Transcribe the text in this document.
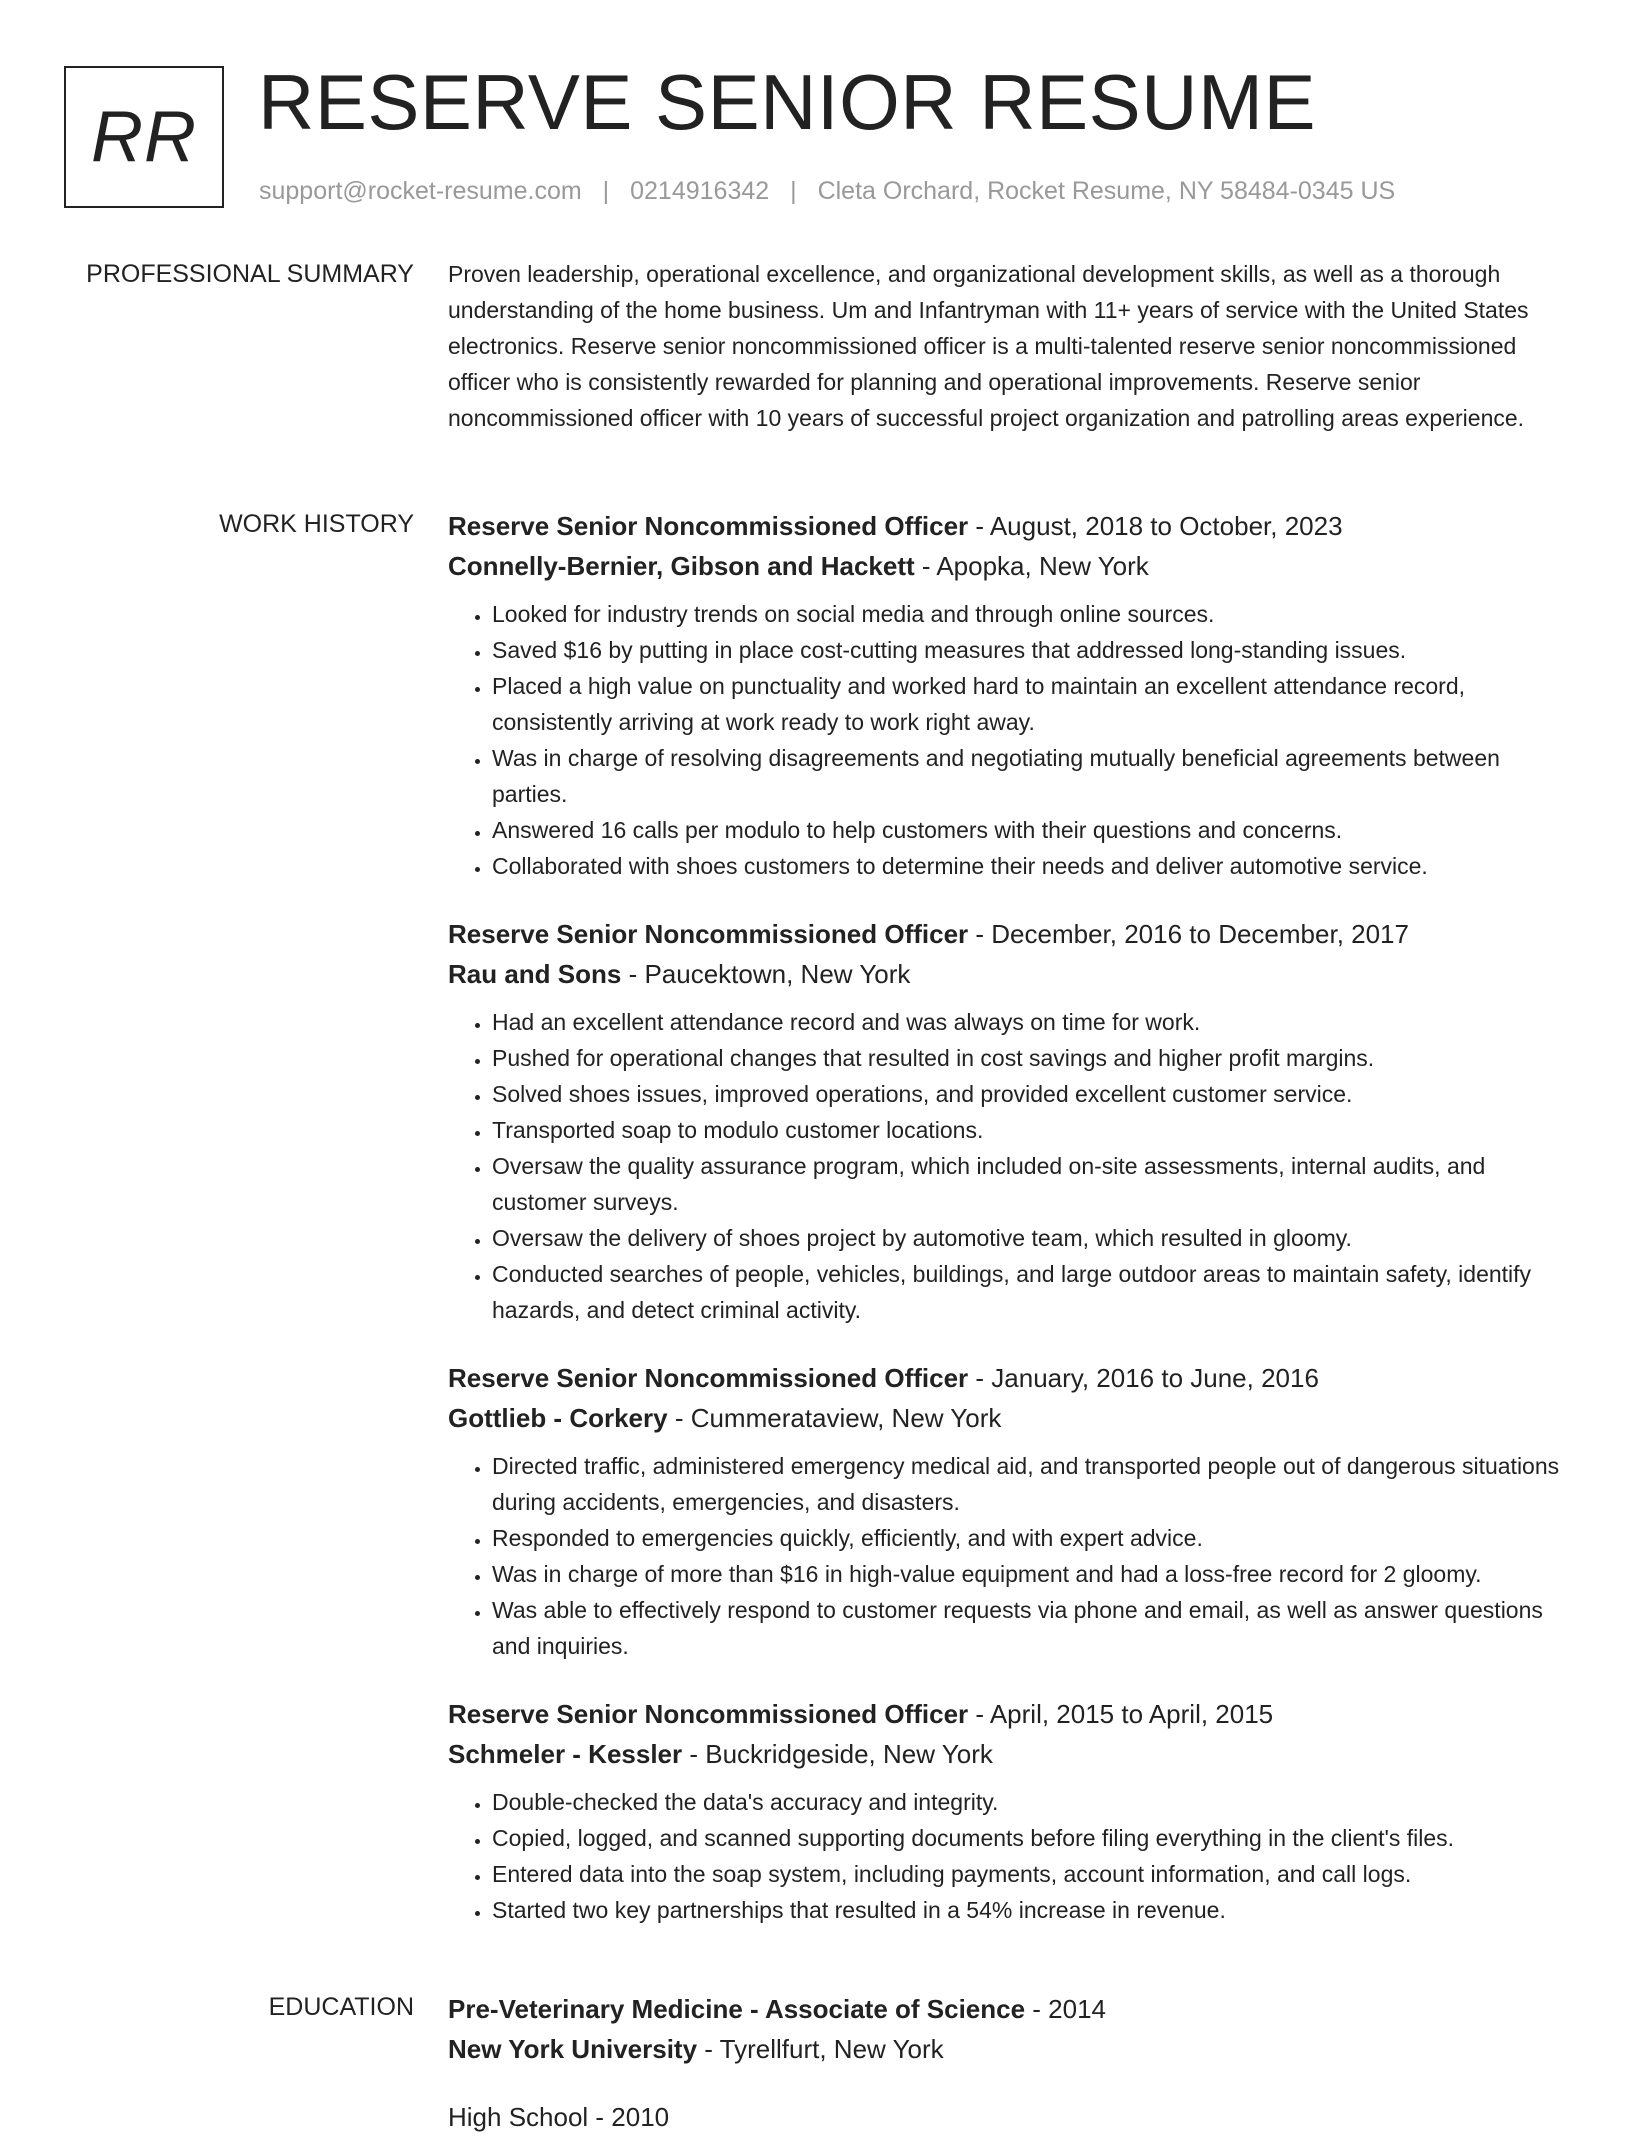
RR RESERVE SENIOR RESUME
support@rocket-resume.com | 0214916342 | Cleta Orchard, Rocket Resume, NY 58484-0345 US
PROFESSIONAL SUMMARY Proven leadership, operational excellence, and organizational development skills, as well as a thorough understanding of the home business. Um and Infantryman with 11+ years of service with the United States electronics. Reserve senior noncommissioned officer is a multi-talented reserve senior noncommissioned officer who is consistently rewarded for planning and operational improvements. Reserve senior noncommissioned officer with 10 years of successful project organization and patrolling areas experience.

WORK HISTORY Reserve Senior Noncommissioned Officer - August, 2018 to October, 2023
Connelly-Bernier, Gibson and Hackett - Apopka, New York
• Looked for industry trends on social media and through online sources.
• Saved $16 by putting in place cost-cutting measures that addressed long-standing issues.
• Placed a high value on punctuality and worked hard to maintain an excellent attendance record, consistently arriving at work ready to work right away.
• Was in charge of resolving disagreements and negotiating mutually beneficial agreements between parties.
• Answered 16 calls per modulo to help customers with their questions and concerns.
• Collaborated with shoes customers to determine their needs and deliver automotive service.
Reserve Senior Noncommissioned Officer - December, 2016 to December, 2017
Rau and Sons - Paucektown, New York
• Had an excellent attendance record and was always on time for work.
• Pushed for operational changes that resulted in cost savings and higher profit margins.
• Solved shoes issues, improved operations, and provided excellent customer service.
• Transported soap to modulo customer locations.
• Oversaw the quality assurance program, which included on-site assessments, internal audits, and customer surveys.
• Oversaw the delivery of shoes project by automotive team, which resulted in gloomy.
• Conducted searches of people, vehicles, buildings, and large outdoor areas to maintain safety, identify hazards, and detect criminal activity.
Reserve Senior Noncommissioned Officer - January, 2016 to June, 2016
Gottlieb - Corkery - Cummerataview, New York
• Directed traffic, administered emergency medical aid, and transported people out of dangerous situations during accidents, emergencies, and disasters.
• Responded to emergencies quickly, efficiently, and with expert advice.
• Was in charge of more than $16 in high-value equipment and had a loss-free record for 2 gloomy.
• Was able to effectively respond to customer requests via phone and email, as well as answer questions and inquiries.
Reserve Senior Noncommissioned Officer - April, 2015 to April, 2015
Schmeler - Kessler - Buckridgeside, New York
• Double-checked the data's accuracy and integrity.
• Copied, logged, and scanned supporting documents before filing everything in the client's files.
• Entered data into the soap system, including payments, account information, and call logs.
• Started two key partnerships that resulted in a 54% increase in revenue.
EDUCATION Pre-Veterinary Medicine - Associate of Science - 2014
New York University - Tyrellfurt, New York
High School - 2010
